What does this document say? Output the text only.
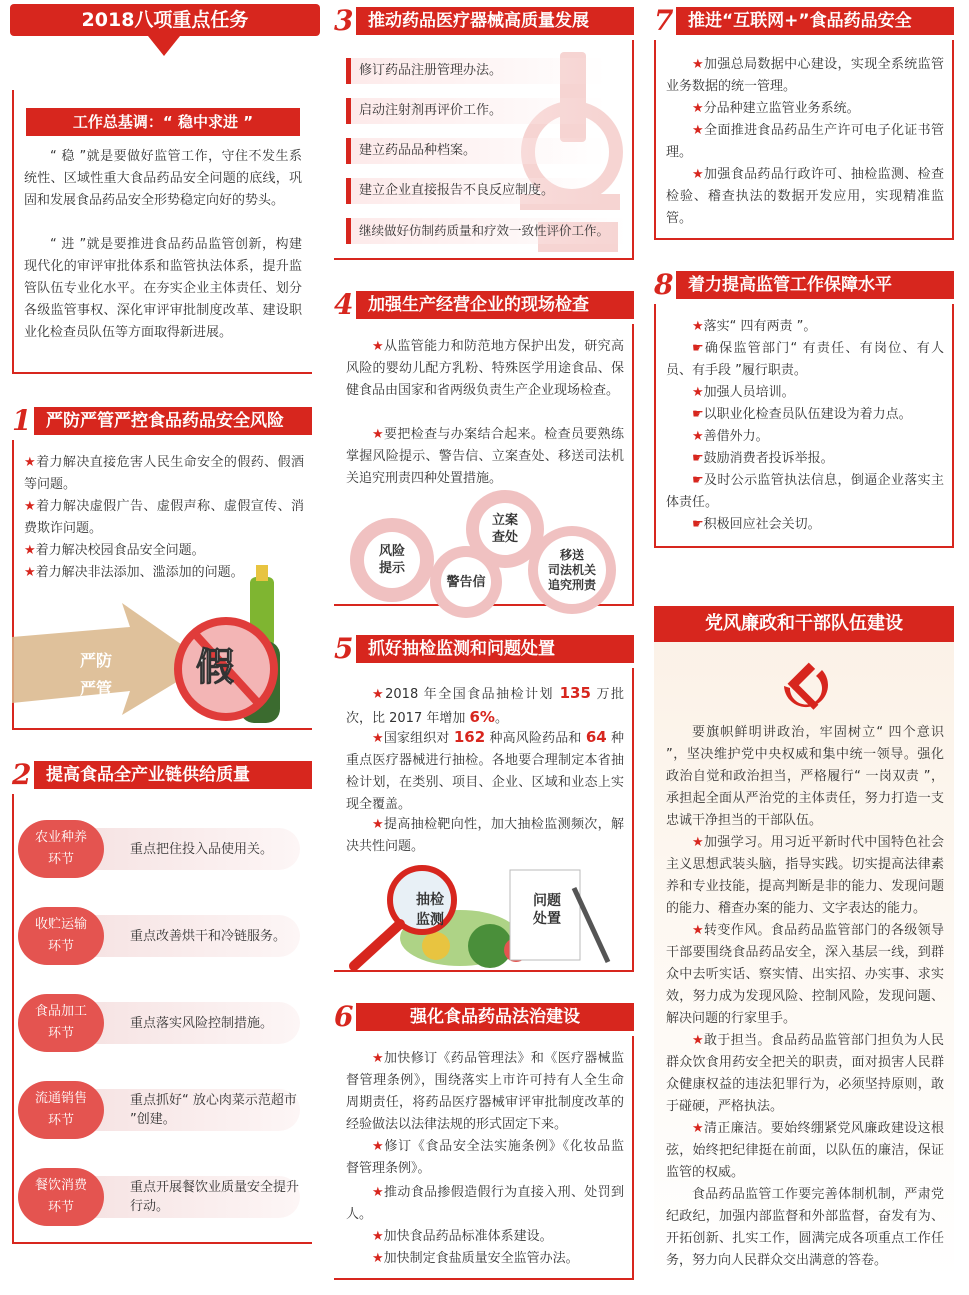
2018八项重点任务
工作总基调：“ 稳中求进 ”
“ 稳 ”就是要做好监管工作，守住不发生系统性、区域性重大食品药品安全问题的底线，巩固和发展食品药品安全形势稳定向好的势头。
“ 进 ”就是要推进食品药品监管创新，构建现代化的审评审批体系和监管执法体系，提升监管队伍专业化水平。在夯实企业主体责任、划分各级监管事权、深化审评审批制度改革、建设职业化检查员队伍等方面取得新进展。
1 严防严管严控食品药品安全风险
★着力解决直接危害人民生命安全的假药、假酒等问题。
★着力解决虚假广告、虚假声称、虚假宣传、消费欺诈问题。
★着力解决校园食品安全问题。
★着力解决非法添加、滥添加的问题。
假
严防
严管
严控
2 提高食品全产业链供给质量
农业种养
环节
重点把住投入品使用关。
收贮运输
环节
重点改善烘干和冷链服务。
食品加工
环节
重点落实风险控制措施。
流通销售
环节
重点抓好“ 放心肉菜示范超市 ”创建。
餐饮消费
环节
重点开展餐饮业质量安全提升行动。
3 推动药品医疗器械高质量发展
修订药品注册管理办法。
启动注射剂再评价工作。
建立药品品种档案。
建立企业直接报告不良反应制度。
继续做好仿制药质量和疗效一致性评价工作。
4 加强生产经营企业的现场检查
★从监管能力和防范地方保护出发，研究高风险的婴幼儿配方乳粉、特殊医学用途食品、保健食品由国家和省两级负责生产企业现场检查。
★要把检查与办案结合起来。检查员要熟练掌握风险提示、警告信、立案查处、移送司法机关追究刑责四种处置措施。
风险
提示
警告信
立案
查处
移送
司法机关
追究刑责
5 抓好抽检监测和问题处置
★2018 年全国食品抽检计划 135 万批次，比 2017 年增加 6%。
★国家组织对 162 种高风险药品和 64 种重点医疗器械进行抽检。各地要合理制定本省抽检计划，在类别、项目、企业、区域和业态上实现全覆盖。
★提高抽检靶向性，加大抽检监测频次，解决共性问题。
抽检
监测
问题
处置
6	强化食品药品法治建设
★加快修订《药品管理法》和《医疗器械监督管理条例》，围绕落实上市许可持有人全生命周期责任，将药品医疗器械审评审批制度改革的经验做法以法律法规的形式固定下来。
★修订《食品安全法实施条例》《化妆品监督管理条例》。
★推动食品掺假造假行为直接入刑、处罚到人。
★加快食品药品标准体系建设。
★加快制定食盐质量安全监管办法。
7 推进“互联网+”食品药品安全
★加强总局数据中心建设，实现全系统监管业务数据的统一管理。
★分品种建立监管业务系统。
★全面推进食品药品生产许可电子化证书管理。
★加强食品药品行政许可、抽检监测、检查检验、稽查执法的数据开发应用，实现精准监管。
8 着力提高监管工作保障水平
★落实“ 四有两责 ”。
☛确保监管部门“ 有责任、有岗位、有人员、有手段 ”履行职责。
★加强人员培训。
☛以职业化检查员队伍建设为着力点。
★善借外力。
☛鼓励消费者投诉举报。
☛及时公示监管执法信息，倒逼企业落实主体责任。
☛积极回应社会关切。
党风廉政和干部队伍建设
要旗帜鲜明讲政治，牢固树立“ 四个意识 ”，坚决维护党中央权威和集中统一领导。强化政治自觉和政治担当，严格履行“ 一岗双责 ”，承担起全面从严治党的主体责任，努力打造一支忠诚干净担当的干部队伍。
★加强学习。用习近平新时代中国特色社会主义思想武装头脑，指导实践。切实提高法律素养和专业技能，提高判断是非的能力、发现问题的能力、稽查办案的能力、文字表达的能力。
★转变作风。食品药品监管部门的各级领导干部要围绕食品药品安全，深入基层一线，到群众中去听实话、察实情、出实招、办实事、求实效，努力成为发现风险、控制风险，发现问题、解决问题的行家里手。
★敢于担当。食品药品监管部门担负为人民群众饮食用药安全把关的职责，面对损害人民群众健康权益的违法犯罪行为，必须坚持原则，敢于碰硬，严格执法。
★清正廉洁。要始终绷紧党风廉政建设这根弦，始终把纪律挺在前面，以队伍的廉洁，保证监管的权威。
食品药品监管工作要完善体制机制，严肃党纪政纪，加强内部监督和外部监督，奋发有为、开拓创新、扎实工作，圆满完成各项重点工作任务，努力向人民群众交出满意的答卷。
